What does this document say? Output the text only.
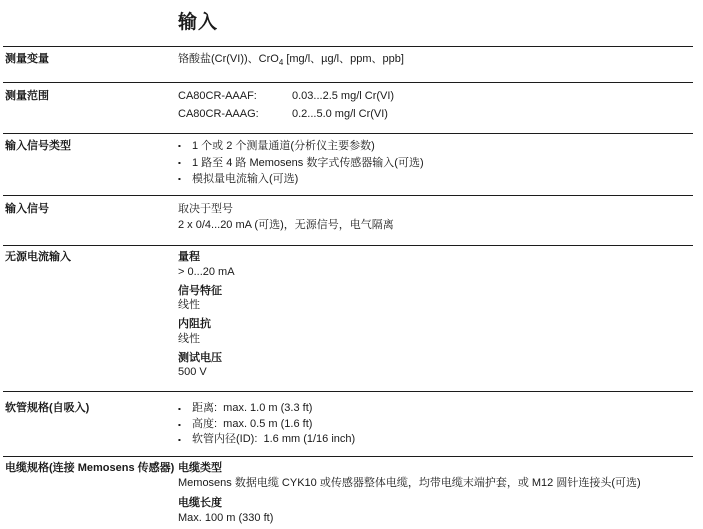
输入
测量变量	铬酸盐(Cr(VI))、CrO$_4$ [mg/l、µg/l、ppm、ppb]
测量范围	CA80CR-AAAF:	0.03...2.5 mg/l Cr(VI)
CA80CR-AAAG:	0.2...5.0 mg/l Cr(VI)
输入信号类型	▪	1 个或 2 个测量通道(分析仪主要参数)
▪	1 路至 4 路 Memosens 数字式传感器输入(可选)
▪	模拟量电流输入(可选)
输入信号	取决于型号
2 x 0/4...20 mA (可选)，无源信号，电气隔离
无源电流输入	量程
> 0...20 mA
信号特征
线性
内阻抗
线性
测试电压
500 V
软管规格(自吸入)	▪	距离:  max. 1.0 m (3.3 ft)
▪	高度:  max. 0.5 m (1.6 ft)
▪	软管内径(ID):  1.6 mm (1/16 inch)
电缆规格(连接 Memosens 传感器) 电缆类型
Memosens 数据电缆 CYK10 或传感器整体电缆，均带电缆末端护套，或 M12 圆针连接头(可选)
电缆长度
Max. 100 m (330 ft)
